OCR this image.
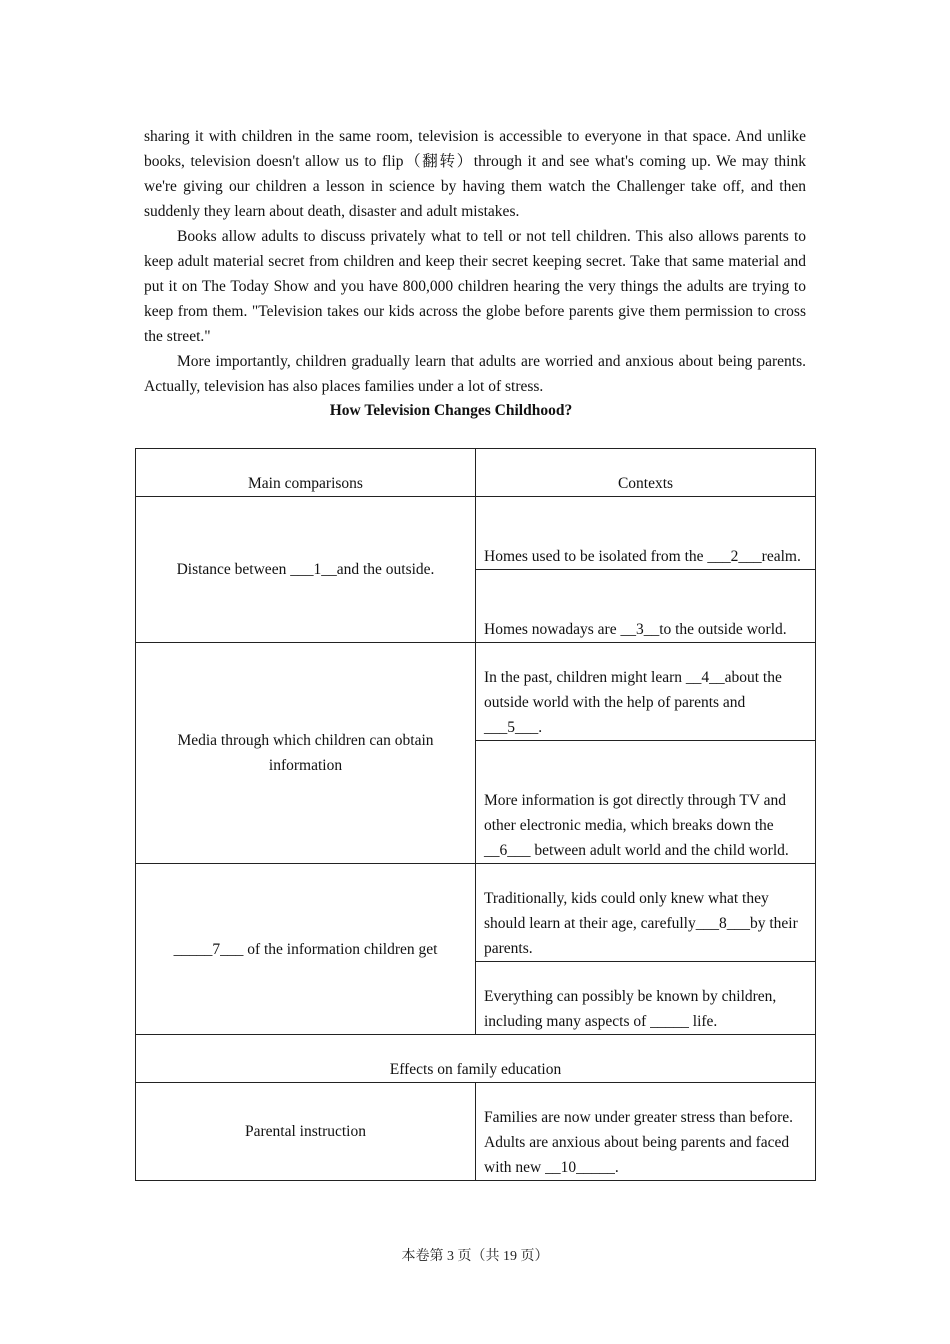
sharing it with children in the same room, television is accessible to everyone in that space. And unlike books, television doesn't allow us to flip（翻转）through it and see what's coming up. We may think we're giving our children a lesson in science by having them watch the Challenger take off, and then suddenly they learn about death, disaster and adult mistakes.

Books allow adults to discuss privately what to tell or not tell children. This also allows parents to keep adult material secret from children and keep their secret keeping secret. Take that same material and put it on The Today Show and you have 800,000 children hearing the very things the adults are trying to keep from them. "Television takes our kids across the globe before parents give them permission to cross the street."

More importantly, children gradually learn that adults are worried and anxious about being parents. Actually, television has also places families under a lot of stress.

How Television Changes Childhood?
Main comparisons	Contexts
Distance between ___1__and the outside.	Homes used to be isolated from the ___2___realm.
	Homes nowadays are __3__to the outside world.
Media through which children can obtain information	In the past, children might learn __4__about the outside world with the help of parents and ___5___.
	More information is got directly through TV and other electronic media, which breaks down the __6___ between adult world and the child world.
_____7___ of the information children get	Traditionally, kids could only knew what they should learn at their age, carefully___8___by their parents.
	Everything can possibly be known by children, including many aspects of _____ life.
Effects on family education	
Parental instruction	Families are now under greater stress than before. Adults are anxious about being parents and faced with new __10_____.
本卷第 3 页（共 19 页）
